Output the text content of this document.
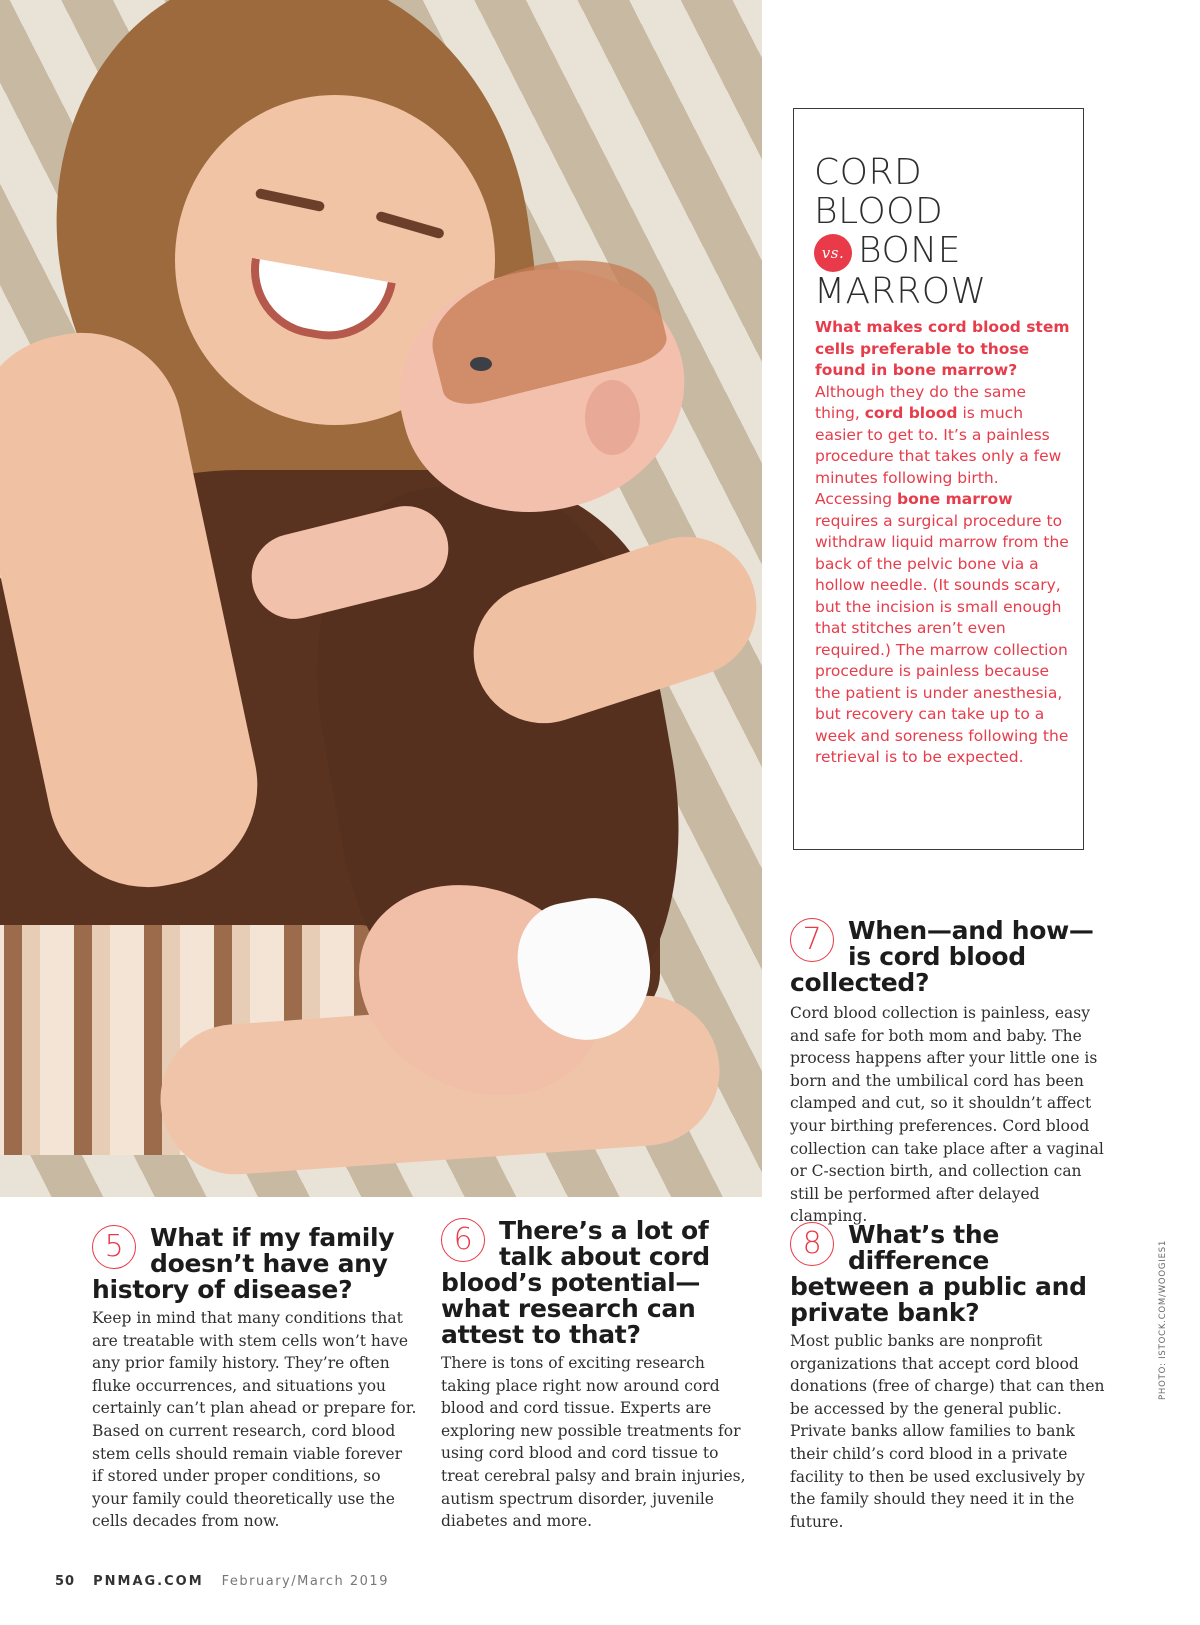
CORD
BLOOD
vs. BONE
MARROW
What makes cord blood stem cells preferable to those found in bone marrow? Although they do the same thing, cord blood is much easier to get to. It’s a painless procedure that takes only a few minutes following birth. Accessing bone marrow requires a surgical procedure to withdraw liquid marrow from the back of the pelvic bone via a hollow needle. (It sounds scary, but the incision is small enough that stitches aren’t even required.) The marrow collection procedure is painless because the patient is under anesthesia, but recovery can take up to a week and soreness following the retrieval is to be expected.
7	When—and how—is cord blood collected?
Cord blood collection is painless, easy and safe for both mom and baby. The process happens after your little one is born and the umbilical cord has been clamped and cut, so it shouldn’t affect your birthing preferences. Cord blood collection can take place after a vaginal or C-section birth, and collection can still be performed after delayed clamping.
5	What if my family doesn’t have any history of disease?
Keep in mind that many conditions that are treatable with stem cells won’t have any prior family history. They’re often fluke occurrences, and situations you certainly can’t plan ahead or prepare for. Based on current research, cord blood stem cells should remain viable forever if stored under proper conditions, so your family could theoretically use the cells decades from now.
6	There’s a lot of talk about cord blood’s potential—what research can attest to that?
There is tons of exciting research taking place right now around cord blood and cord tissue. Experts are exploring new possible treatments for using cord blood and cord tissue to treat cerebral palsy and brain injuries, autism spectrum disorder, juvenile diabetes and more.
8	What’s the difference between a public and private bank?
Most public banks are nonprofit organizations that accept cord blood donations (free of charge) that can then be accessed by the general public. Private banks allow families to bank their child’s cord blood in a private facility to then be used exclusively by the family should they need it in the future.
PHOTO: ISTOCK.COM/WOOGIES1
50 PNMAG.COM February/March 2019
